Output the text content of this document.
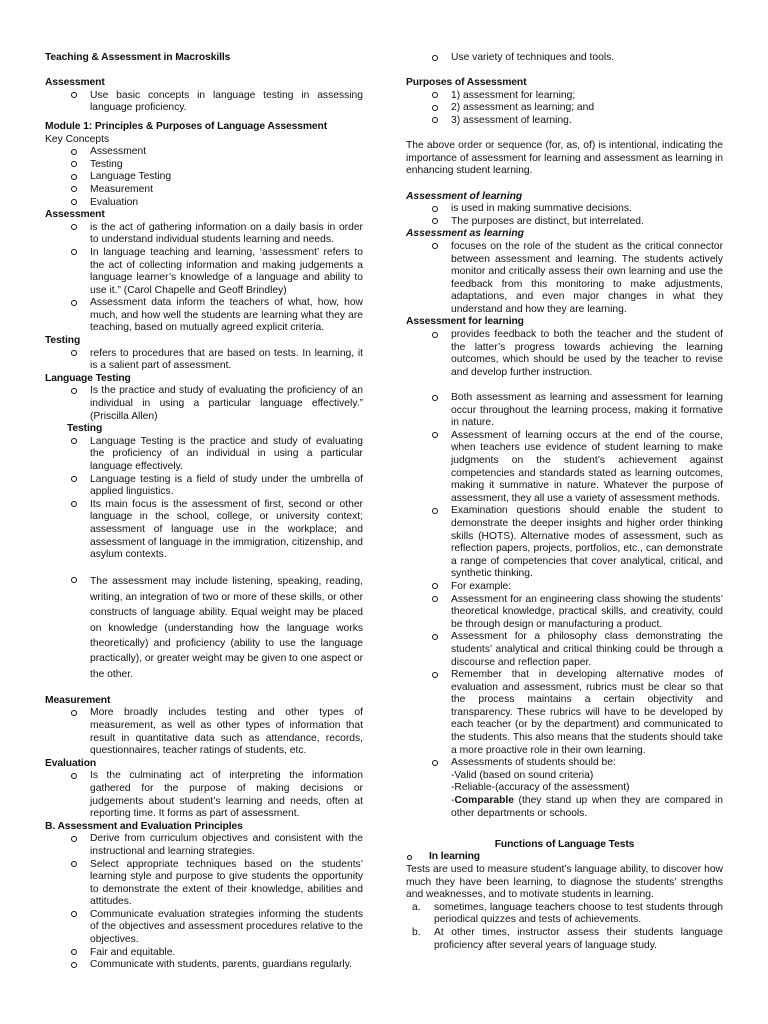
Teaching & Assessment in Macroskills
Assessment
Use basic concepts in language testing in assessing language proficiency.
Module 1: Principles & Purposes of Language Assessment
Key Concepts
Assessment
Testing
Language Testing
Measurement
Evaluation
Assessment
is the act of gathering information on a daily basis in order to understand individual students learning and needs.
In language teaching and learning, ‘assessment’ refers to the act of collecting information and making judgements a language learner’s knowledge of a language and ability to use it.” (Carol Chapelle and Geoff Brindley)
Assessment data inform the teachers of what, how, how much, and how well the students are learning what they are teaching, based on mutually agreed explicit criteria.
Testing
refers to procedures that are based on tests. In learning, it is a salient part of assessment.
Language Testing
Is the practice and study of evaluating the proficiency of an individual in using a particular language effectively.” (Priscilla Allen)
Testing
Language Testing is the practice and study of evaluating the proficiency of an individual in using a particular language effectively.
Language testing is a field of study under the umbrella of applied linguistics.
Its main focus is the assessment of first, second or other language in the school, college, or university context; assessment of language use in the workplace; and assessment of language in the immigration, citizenship, and asylum contexts.
The assessment may include listening, speaking, reading, writing, an integration of two or more of these skills, or other constructs of language ability. Equal weight may be placed on knowledge (understanding how the language works theoretically) and proficiency (ability to use the language practically), or greater weight may be given to one aspect or the other.
Measurement
More broadly includes testing and other types of measurement, as well as other types of information that result in quantitative data such as attendance, records, questionnaires, teacher ratings of students, etc.
Evaluation
Is the culminating act of interpreting the information gathered for the purpose of making decisions or judgements about student’s learning and needs, often at reporting time. It forms as part of assessment.
B. Assessment and Evaluation Principles
Derive from curriculum objectives and consistent with the instructional and learning strategies.
Select appropriate techniques based on the students’ learning style and purpose to give students the opportunity to demonstrate the extent of their knowledge, abilities and attitudes.
Communicate evaluation strategies informing the students of the objectives and assessment procedures relative to the objectives.
Fair and equitable.
Communicate with students, parents, guardians regularly.
Use variety of techniques and tools.
Purposes of Assessment
1) assessment for learning;
2) assessment as learning; and
3) assessment of learning.
The above order or sequence (for, as, of) is intentional, indicating the importance of assessment for learning and assessment as learning in enhancing student learning.
Assessment of learning
is used in making summative decisions.
The purposes are distinct, but interrelated.
Assessment as learning
focuses on the role of the student as the critical connector between assessment and learning. The students actively monitor and critically assess their own learning and use the feedback from this monitoring to make adjustments, adaptations, and even major changes in what they understand and how they are learning.
Assessment for learning
provides feedback to both the teacher and the student of the latter’s progress towards achieving the learning outcomes, which should be used by the teacher to revise and develop further instruction.
Both assessment as learning and assessment for learning occur throughout the learning process, making it formative in nature.
Assessment of learning occurs at the end of the course, when teachers use evidence of student learning to make judgments on the student’s achievement against competencies and standards stated as learning outcomes, making it summative in nature. Whatever the purpose of assessment, they all use a variety of assessment methods.
Examination questions should enable the student to demonstrate the deeper insights and higher order thinking skills (HOTS). Alternative modes of assessment, such as reflection papers, projects, portfolios, etc., can demonstrate a range of competencies that cover analytical, critical, and synthetic thinking.
For example:
Assessment for an engineering class showing the students’ theoretical knowledge, practical skills, and creativity, could be through design or manufacturing a product.
Assessment for a philosophy class demonstrating the students’ analytical and critical thinking could be through a discourse and reflection paper.
Remember that in developing alternative modes of evaluation and assessment, rubrics must be clear so that the process maintains a certain objectivity and transparency. These rubrics will have to be developed by each teacher (or by the department) and communicated to the students. This also means that the students should take a more proactive role in their own learning.
Assessments of students should be:
-Valid (based on sound criteria)
-Reliable-(accuracy of the assessment)
-Comparable (they stand up when they are compared in other departments or schools.
Functions of Language Tests
In learning
Tests are used to measure student’s language ability, to discover how much they have been learning, to diagnose the students’ strengths and weaknesses, and to motivate students in learning.
a. sometimes, language teachers choose to test students through periodical quizzes and tests of achievements.
b. At other times, instructor assess their students language proficiency after several years of language study.
